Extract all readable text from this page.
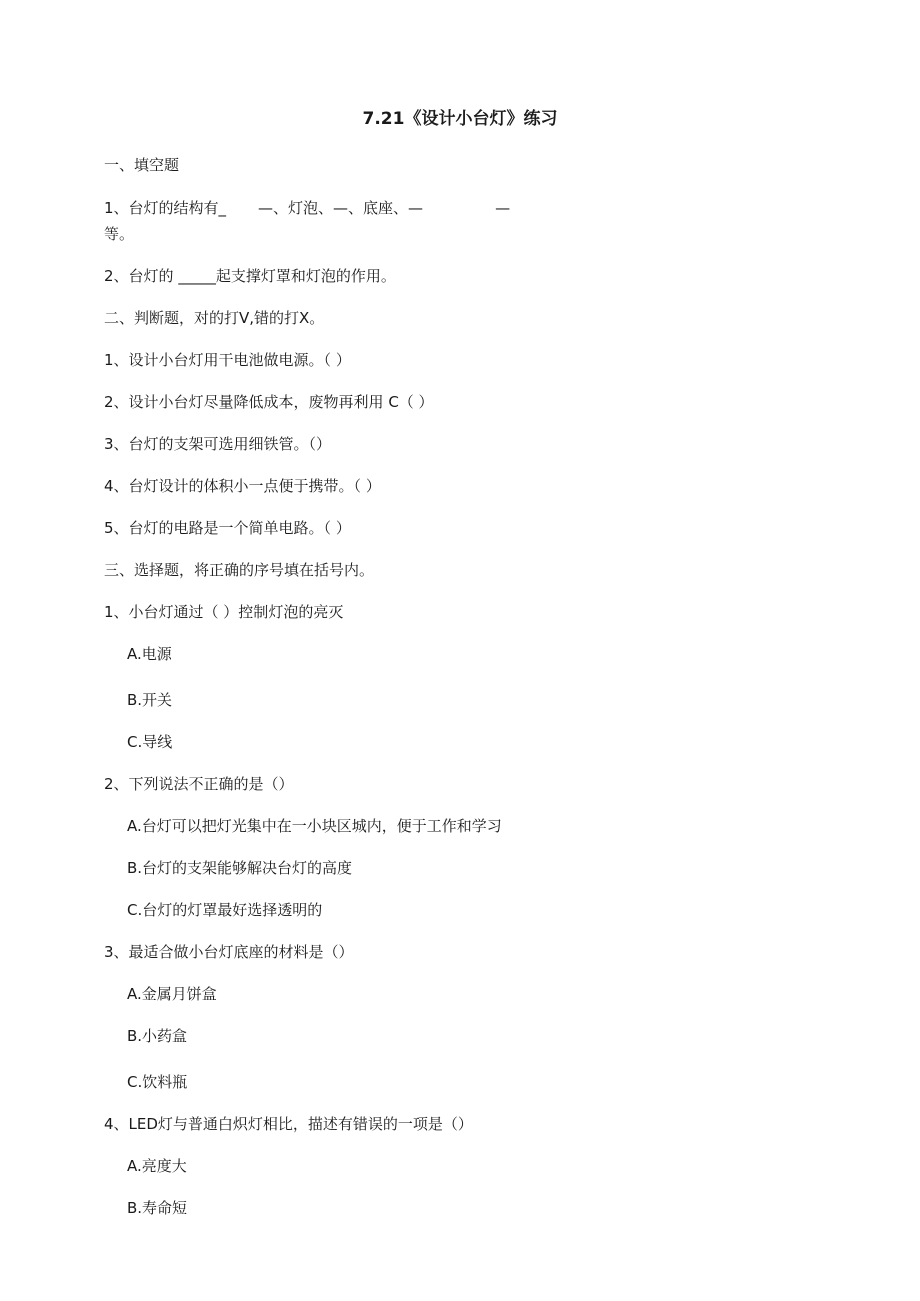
7.21《设计小台灯》练习
一、填空题
1、台灯的结构有_ —、灯泡、—、底座、—	—
等。
2、台灯的 _____起支撑灯罩和灯泡的作用。
二、判断题，对的打V,错的打X。
1、设计小台灯用干电池做电源。（ ）
2、设计小台灯尽量降低成本，废物再利用 C（ ）
3、台灯的支架可选用细铁管。（）
4、台灯设计的体积小一点便于携带。（ ）
5、台灯的电路是一个简单电路。（ ）
三、选择题，将正确的序号填在括号内。
1、小台灯通过（ ）控制灯泡的亮灭
A.电源
B.开关
C.导线
2、下列说法不正确的是（）
A.台灯可以把灯光集中在一小块区城内，便于工作和学习
B.台灯的支架能够解决台灯的高度
C.台灯的灯罩最好选择透明的
3、最适合做小台灯底座的材料是（）
A.金属月饼盒
B.小药盒
C.饮料瓶
4、LED灯与普通白炽灯相比，描述有错误的一项是（）
A.亮度大
B.寿命短
